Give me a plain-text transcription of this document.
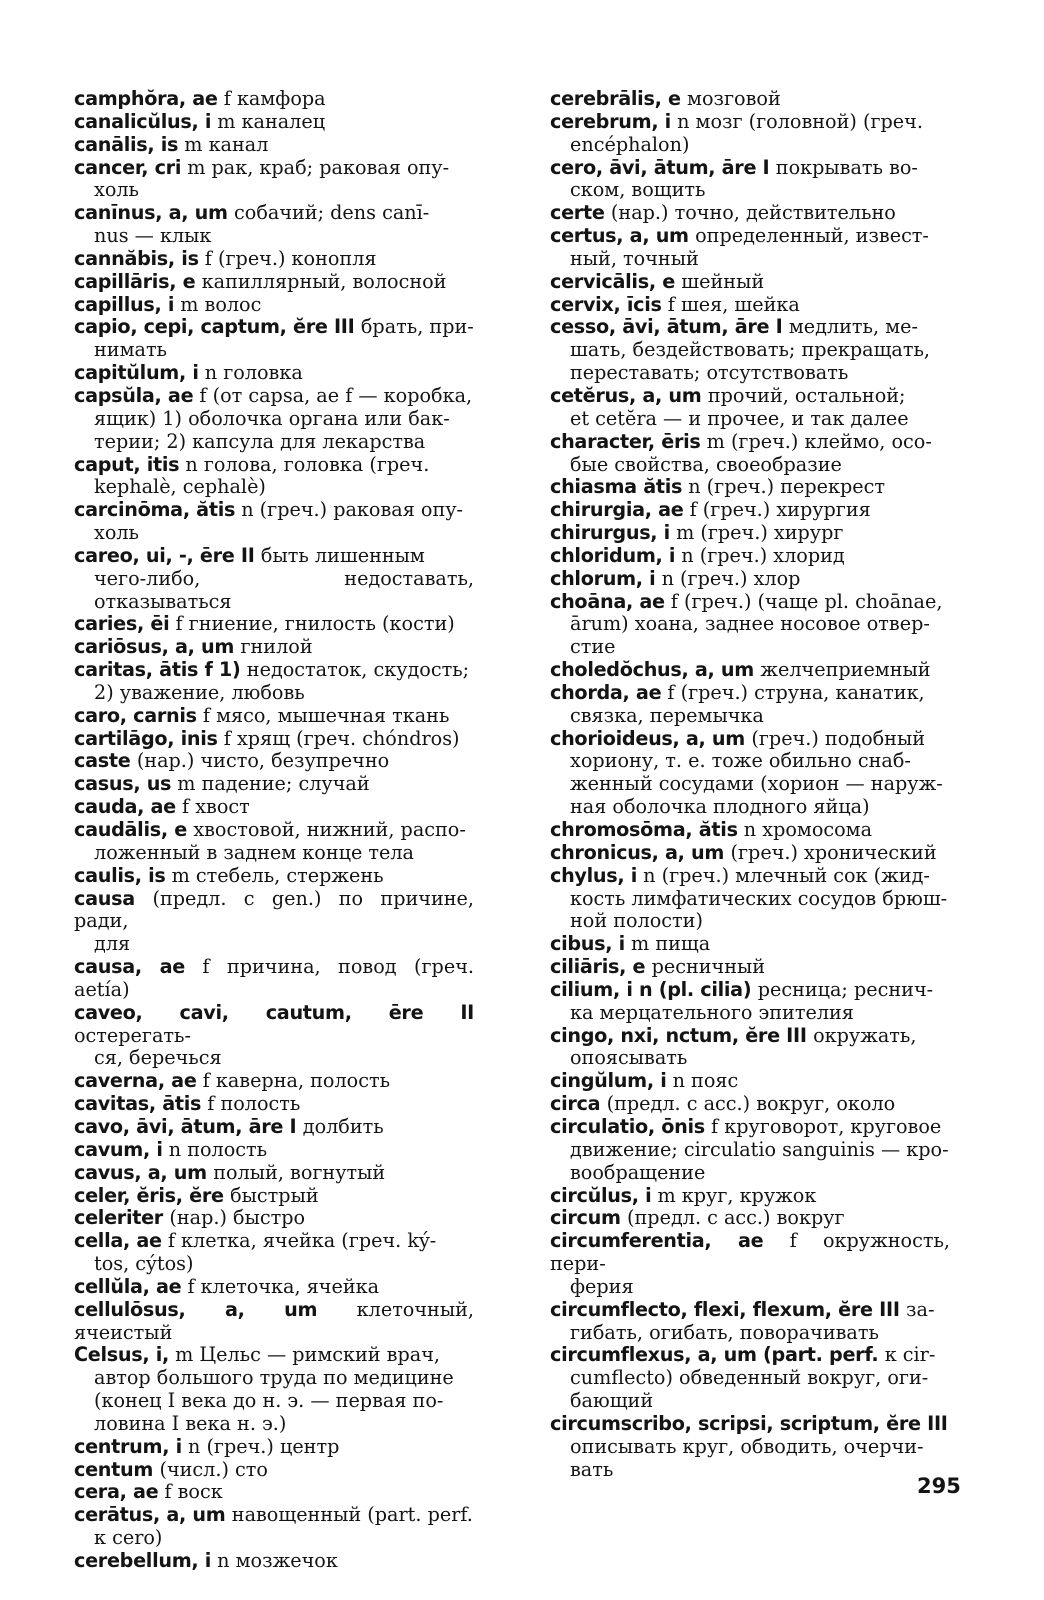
camphŏra, ae f камфора
canalicŭlus, i m каналец
canālis, is m канал
cancer, cri m рак, краб; раковая опу-
холь
canīnus, a, um собачий; dens canī-
nus — клык
cannăbis, is f (греч.) конопля
capillāris, e капиллярный, волосной
capillus, i m волос
capio, cepi, captum, ĕre III брать, при-
нимать
capitŭlum, i n головка
capsŭla, ae f (от capsa, ae f — коробка,
ящик) 1) оболочка органа или бак-
терии; 2) капсула для лекарства
caput, itis n голова, головка (греч.
kephalè, cephalè)
carcinōma, ătis n (греч.) раковая опу-
холь
careo, ui, -, ēre II быть лишенным
чего-либо, недоставать, отказываться
caries, ēi f гниение, гнилость (кости)
cariōsus, a, um гнилой
caritas, ātis f 1) недостаток, скудость;
2) уважение, любовь
caro, carnis f мясо, мышечная ткань
cartilāgo, inis f хрящ (греч. chóndros)
caste (нар.) чисто, безупречно
casus, us m падение; случай
cauda, ae f хвост
caudālis, e хвостовой, нижний, распо-
ложенный в заднем конце тела
caulis, is m стебель, стержень
causa (предл. c gen.) по причине, ради,
для
causa, ae f причина, повод (греч. aetía)
caveo, cavi, cautum, ēre II остерегать-
ся, беречься
caverna, ae f каверна, полость
cavitas, ātis f полость
cavo, āvi, ātum, āre I долбить
cavum, i n полость
cavus, a, um полый, вогнутый
celer, ĕris, ĕre быстрый
celeriter (нар.) быстро
cella, ae f клетка, ячейка (греч. ký-
tos, cýtos)
cellŭla, ae f клеточка, ячейка
cellulōsus, a, um клеточный, ячеистый
Celsus, i, m Цельс — римский врач,
автор большого труда по медицине
(конец I века до н. э. — первая по-
ловина I века н. э.)
centrum, i n (греч.) центр
centum (числ.) сто
cera, ae f воск
cerātus, a, um навощенный (part. perf.
к cero)
cerebellum, i n мозжечок
cerebrālis, e мозговой
cerebrum, i n мозг (головной) (греч.
encéphalon)
cero, āvi, ātum, āre I покрывать во-
ском, вощить
certe (нар.) точно, действительно
certus, a, um определенный, извест-
ный, точный
cervicālis, e шейный
cervix, īcis f шея, шейка
cesso, āvi, ātum, āre I медлить, ме-
шать, бездействовать; прекращать,
переставать; отсутствовать
cetĕrus, a, um прочий, остальной;
et cetĕra — и прочее, и так далее
character, ēris m (греч.) клеймо, осо-
бые свойства, своеобразие
chiasma ătis n (греч.) перекрест
chirurgia, ae f (греч.) хирургия
chirurgus, i m (греч.) хирург
chloridum, i n (греч.) хлорид
chlorum, i n (греч.) хлор
choāna, ae f (греч.) (чаще pl. choānae,
ārum) хоана, заднее носовое отвер-
стие
choledŏchus, a, um желчеприемный
chorda, ae f (греч.) струна, канатик,
связка, перемычка
chorioideus, a, um (греч.) подобный
хориону, т. е. тоже обильно снаб-
женный сосудами (хорион — наруж-
ная оболочка плодного яйца)
chromosōma, ătis n хромосома
chronicus, a, um (греч.) хронический
chylus, i n (греч.) млечный сок (жид-
кость лимфатических сосудов брюш-
ной полости)
cibus, i m пища
ciliāris, e ресничный
cilium, i n (pl. cilia) ресница; реснич-
ка мерцательного эпителия
cingo, nxi, nctum, ĕre III окружать,
опоясывать
cingŭlum, i n пояс
circa (предл. с acc.) вокруг, около
circulatio, ōnis f круговорот, круговое
движение; circulatio sanguinis — кро-
вообращение
circŭlus, i m круг, кружок
circum (предл. с acc.) вокруг
circumferentia, ae f окружность, пери-
ферия
circumflecto, flexi, flexum, ĕre III за-
гибать, огибать, поворачивать
circumflexus, a, um (part. perf. к cir-
cumflecto) обведенный вокруг, оги-
бающий
circumscribo, scripsi, scriptum, ĕre III
описывать круг, обводить, очерчи-
вать
295
